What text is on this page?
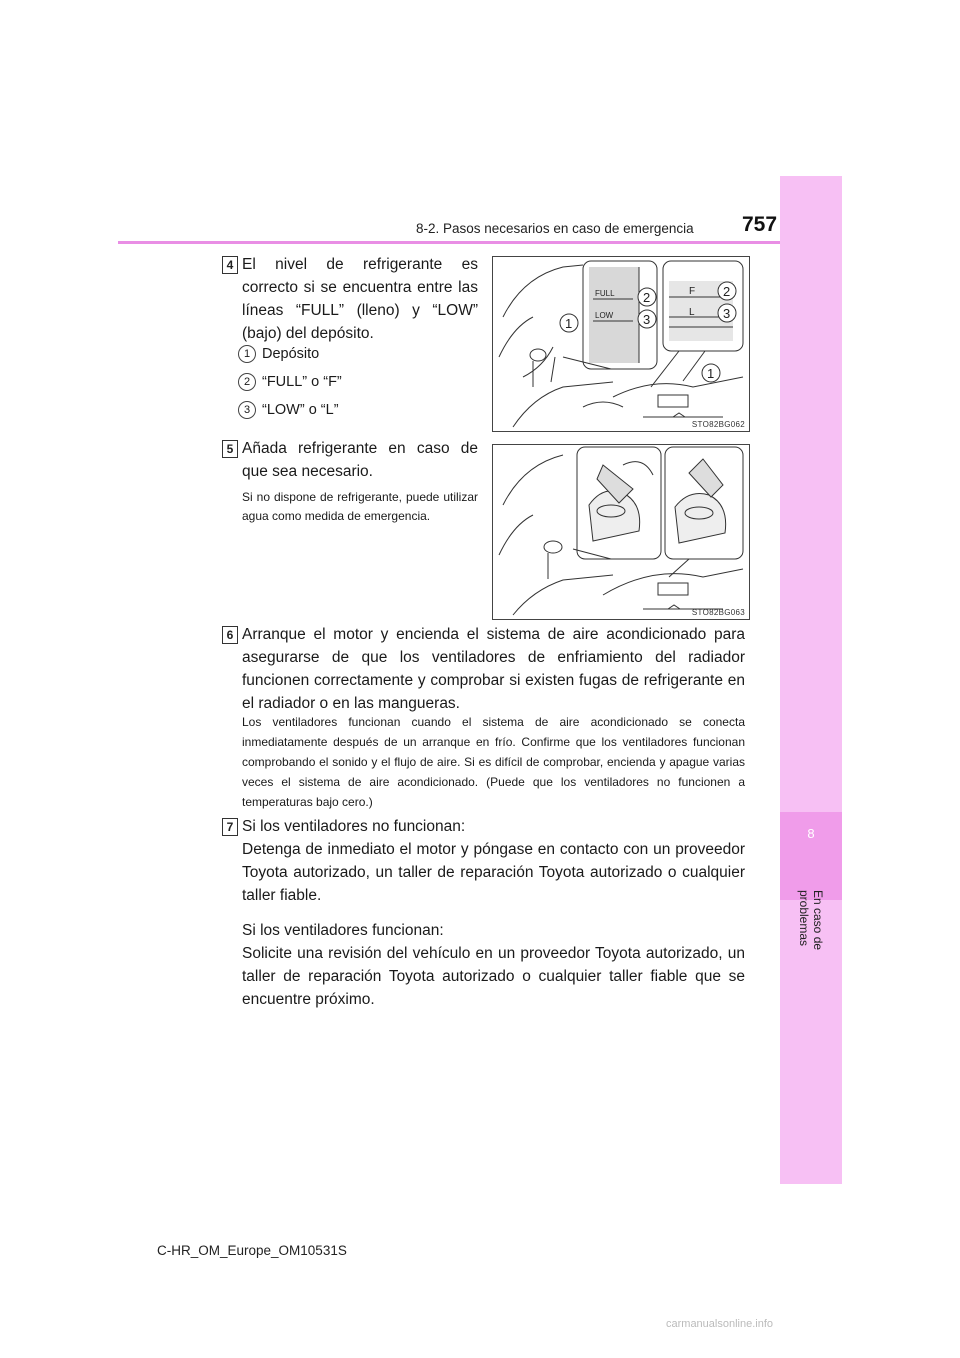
8
En caso de problemas
8-2. Pasos necesarios en caso de emergencia 757
4 El nivel de refrigerante es correcto si se encuentra entre las líneas “FULL” (lleno) y “LOW” (bajo) del depósito.

1 Depósito
2 “FULL” o “F”
3 “LOW” o “L”
FULL
LOW
F
L
2
3
1
2
3
1
STO82BG062
5 Añada refrigerante en caso de que sea necesario.

Si no dispone de refrigerante, puede utilizar agua como medida de emergencia.

STO82BG063
6 Arranque el motor y encienda el sistema de aire acondicionado para asegurarse de que los ventiladores de enfriamiento del radiador funcionen correctamente y comprobar si existen fugas de refrigerante en el radiador o en las mangueras.

Los ventiladores funcionan cuando el sistema de aire acondicionado se conecta inmediatamente después de un arranque en frío. Confirme que los ventiladores funcionan comprobando el sonido y el flujo de aire. Si es difícil de comprobar, encienda y apague varias veces el sistema de aire acondicionado. (Puede que los ventiladores no funcionen a temperaturas bajo cero.)

7 Si los ventiladores no funcionan:

Detenga de inmediato el motor y póngase en contacto con un proveedor Toyota autorizado, un taller de reparación Toyota autorizado o cualquier taller fiable.

Si los ventiladores funcionan:

Solicite una revisión del vehículo en un proveedor Toyota autorizado, un taller de reparación Toyota autorizado o cualquier taller fiable que se encuentre próximo.

C-HR_OM_Europe_OM10531S
carmanualsonline.info
